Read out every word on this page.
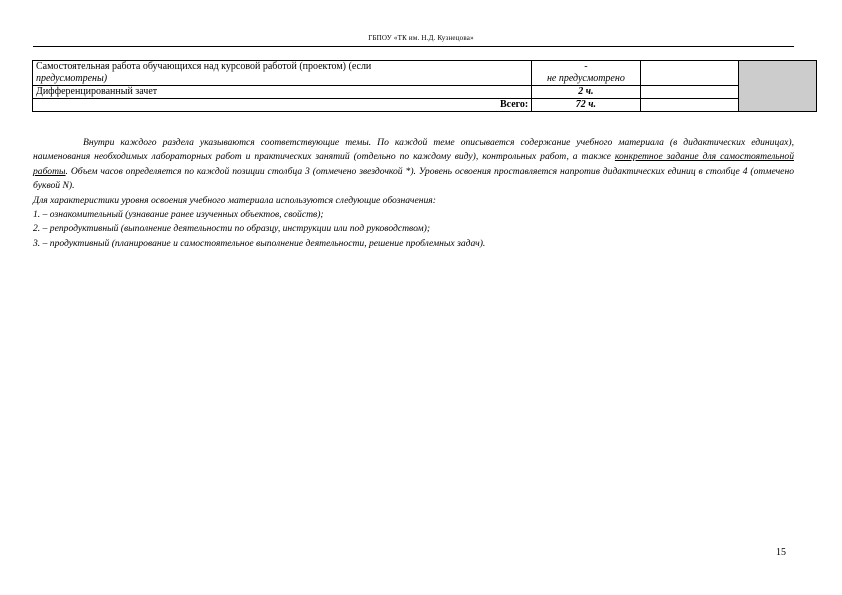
ГБПОУ «ТК им. Н.Д. Кузнецова»
Самостоятельная работа обучающихся над курсовой работой (проектом) (если
предусмотрены)	-
не предусмотрено		
Дифференцированный зачет	2 ч.		
Всего:	72 ч.		

Внутри каждого раздела указываются соответствующие темы. По каждой теме описывается содержание учебного материала (в дидактических единицах), наименования необходимых лабораторных работ и практических занятий (отдельно по каждому виду), контрольных работ, а также конкретное задание для самостоятельной работы. Объем часов определяется по каждой позиции столбца 3 (отмечено звездочкой *). Уровень освоения проставляется напротив дидактических единиц в столбце 4 (отмечено буквой N).

Для характеристики уровня освоения учебного материала используются следующие обозначения:

1. – ознакомительный (узнавание ранее изученных объектов, свойств);

2. – репродуктивный (выполнение деятельности по образцу, инструкции или под руководством);

3. – продуктивный (планирование и самостоятельное выполнение деятельности, решение проблемных задач).

15
